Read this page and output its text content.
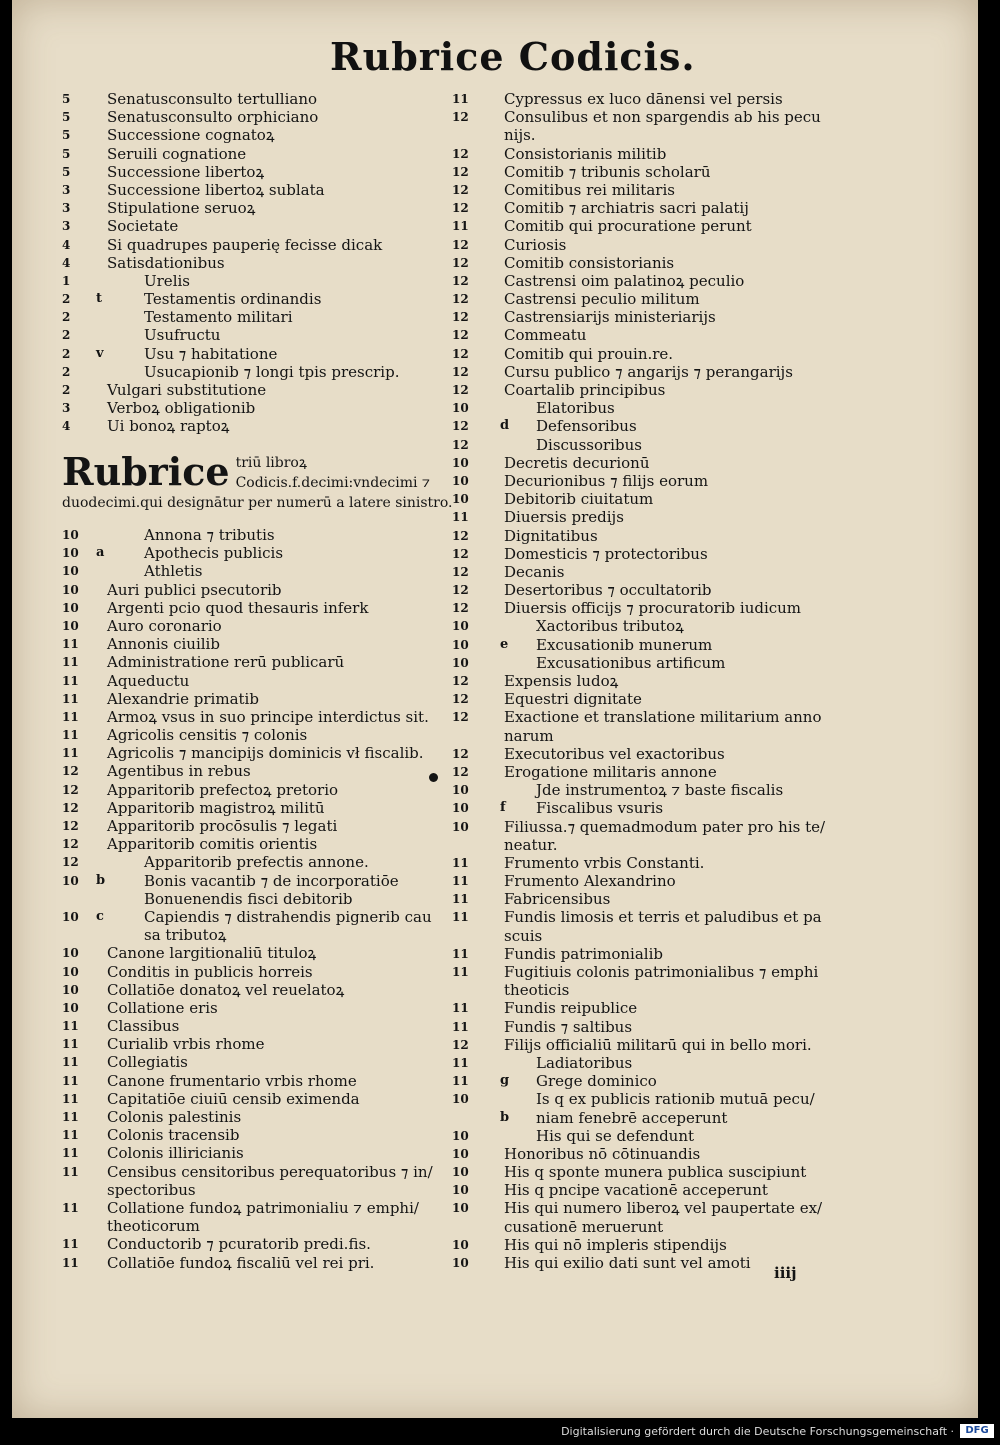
Rubrice Codicis.
5	Senatusconsulto tertulliano
5	Senatusconsulto orphiciano
5	Successione cognatoꝝ
5	Seruili cognatione
5	Successione libertoꝝ
3	Successione libertoꝝ sublata
3	Stipulatione seruoꝝ
3	Societate
4	Si quadrupes pauperię fecisse dicak
4	Satisdationibus
1	Urelis
2	t	Testamentis ordinandis
2	Testamento militari
2	Usufructu
2	v	Usu ⁊ habitatione
2	Usucapionib ⁊ longi tpis prescrip.
2	Vulgari substitutione
3	Verboꝝ obligationib
4	Ui bonoꝝ raptoꝝ
Rubrice triū libroꝝ Codicis.f.decimi:vndecimi ⁊ duodecimi.qui designātur per numerū a latere sinistro.
10	Annona ⁊ tributis
10	a	Apothecis publicis
10	Athletis
10	Auri publici psecutorib
10	Argenti pcio quod thesauris inferk
10	Auro coronario
11	Annonis ciuilib
11	Administratione rerū publicarū
11	Aqueductu
11	Alexandrie primatib
11	Armoꝝ vsus in suo principe interdictus sit.
11	Agricolis censitis ⁊ colonis
11	Agricolis ⁊ mancipijs dominicis vł fiscalib.
12	Agentibus in rebus
12	Apparitorib prefectoꝝ pretorio
12	Apparitorib magistroꝝ militū
12	Apparitorib procōsulis ⁊ legati
12	Apparitorib comitis orientis
12	Apparitorib prefectis annone.
10	b	Bonis vacantib ⁊ de incorporatiōe
Bonuenendis fisci debitorib
10	c	Capiendis ⁊ distrahendis pignerib cau
sa tributoꝝ
10	Canone largitionaliū tituloꝝ
10	Conditis in publicis horreis
10	Collatiōe donatoꝝ vel reuelatoꝝ
10	Collatione eris
11	Classibus
11	Curialib vrbis rhome
11	Collegiatis
11	Canone frumentario vrbis rhome
11	Capitatiōe ciuiū censib eximenda
11	Colonis palestinis
11	Colonis tracensib
11	Colonis illiricianis
11	Censibus censitoribus perequatoribus ⁊ in/
spectoribus
11	Collatione fundoꝝ patrimonialiu ⁊ emphi/
theoticorum
11	Conductorib ⁊ pcuratorib predi.fis.
11	Collatiōe fundoꝝ fiscaliū vel rei pri.
11	Cypressus ex luco dānensi vel persis
12	Consulibus et non spargendis ab his pecu
nijs.
12	Consistorianis militib
12	Comitib ⁊ tribunis scholarū
12	Comitibus rei militaris
12	Comitib ⁊ archiatris sacri palatij
11	Comitib qui procuratione perunt
12	Curiosis
12	Comitib consistorianis
12	Castrensi oim palatinoꝝ peculio
12	Castrensi peculio militum
12	Castrensiarijs ministeriarijs
12	Commeatu
12	Comitib qui prouin.re.
12	Cursu publico ⁊ angarijs ⁊ perangarijs
12	Coartalib principibus
10	Elatoribus
12	d Defensoribus
12	Discussoribus
10	Decretis decurionū
10	Decurionibus ⁊ filijs eorum
10	Debitorib ciuitatum
11	Diuersis predijs
12	Dignitatibus
12	Domesticis ⁊ protectoribus
12	Decanis
12	Desertoribus ⁊ occultatorib
12	Diuersis officijs ⁊ procuratorib iudicum
10	Xactoribus tributoꝝ
10	e Excusationib munerum
10	Excusationibus artificum
12	Expensis ludoꝝ
12	Equestri dignitate
12	Exactione et translatione militarium anno
narum
12	Executoribus vel exactoribus
12	Erogatione militaris annone
10	Jde instrumentoꝝ ⁊ baste fiscalis
10	f Fiscalibus vsuris
10	Filiussa.⁊ quemadmodum pater pro his te/
neatur.
11	Frumento vrbis Constanti.
11	Frumento Alexandrino
11	Fabricensibus
11	Fundis limosis et terris et paludibus et pa
scuis
11	Fundis patrimonialib
11	Fugitiuis colonis patrimonialibus ⁊ emphi
theoticis
11	Fundis reipublice
11	Fundis ⁊ saltibus
12	Filijs officialiū militarū qui in bello mori.
11	Ladiatoribus
11	g Grege dominico
10	Is q ex publicis rationib mutuā pecu/
b niam fenebrē acceperunt
10	His qui se defendunt
10	Honoribus nō cōtinuandis
10	His q sponte munera publica suscipiunt
10	His q pncipe vacationē acceperunt
10	His qui numero liberoꝝ vel paupertate ex/
cusationē meruerunt
10	His qui nō impleris stipendijs
10	His qui exilio dati sunt vel amoti
iiij
Digitalisierung gefördert durch die Deutsche Forschungsgemeinschaft ·	DFG
